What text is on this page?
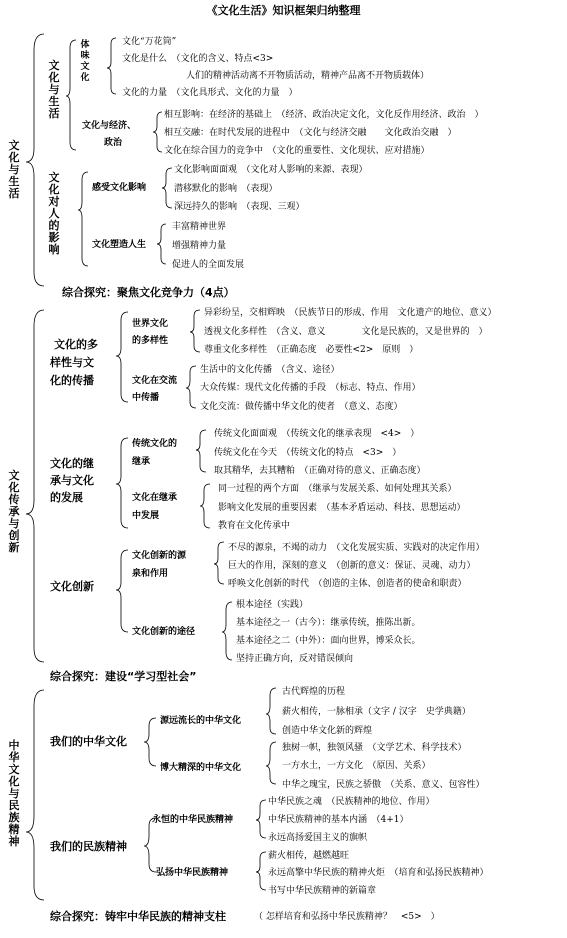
《文化生活》知识框架归纳整理
文化与生活
文化与生活
体味文化
文化“万花筒”
文化是什么　（文化的含义、特点<3>
人们的精神活动离不开物质活动，精神产品离不开物质载体）
文化的力量　（文化具形式、文化的力量　）
文化与经济、
政治
相互影响：在经济的基础上　（经济、政治决定文化，文化反作用经济、政治　）
相互交融：在时代发展的进程中　（文化与经济交融　　文化政治交融　）
文化在综合国力的竞争中　（文化的重要性、文化现状、应对措施）
文化对人的影响
感受文化影响
文化影响面面观　（文化对人影响的来源、表现）
潜移默化的影响　（表现）
深远持久的影响　（表现、三观）
文化塑造人生
丰富精神世界
增强精神力量
促进人的全面发展
综合探究：聚焦文化竞争力（4点）
文化传承与创新
文化的多
样性与文
化的传播
世界文化
的多样性
异彩纷呈，交相辉映　（民族节日的形成、作用　文化遗产的地位、意义）
透视文化多样性　（含义、意义　　　　文化是民族的，又是世界的　）
尊重文化多样性　（正确态度　必要性<2>　原则　）
文化在交流
中传播
生活中的文化传播　（含义、途径）
大众传媒：现代文化传播的手段　（标志、特点、作用）
文化交流：做传播中华文化的使者　（意义、态度）
文化的继
承与文化
的发展
传统文化的
继承
传统文化面面观　（传统文化的继承表现　<4>　）
传统文化在今天　（传统文化的特点　<3>　）
取其精华，去其糟粕　（正确对待的意义、正确态度）
文化在继承
中发展
同一过程的两个方面　（继承与发展关系、如何处理其关系）
影响文化发展的重要因素　（基本矛盾运动、科技、思想运动）
教育在文化传承中
文化创新
文化创新的源
泉和作用
不尽的源泉，不竭的动力　（文化发展实质、实践对的决定作用）
巨大的作用，深刻的意义　（创新的意义：保证、灵魂、动力）
呼唤文化创新的时代　（创造的主体、创造者的使命和职责）
文化创新的途径
根本途径（实践）
基本途径之一（古今）：继承传统，推陈出新。
基本途径之二（中外）：面向世界，博采众长。
坚持正确方向，反对错误倾向
综合探究：建设“学习型社会”
中华文化与民族精神
我们的中华文化
源远流长的中华文化
古代辉煌的历程
薪火相传，一脉相承（文字 / 汉字　史学典籍）
创造中华文化新的辉煌
博大精深的中华文化
独树一帜，独领风骚　（文学艺术、科学技术）
一方水土，一方文化　（原因、关系）
中华之瑰宝，民族之骄傲　（关系、意义、包容性）
我们的民族精神
永恒的中华民族精神
中华民族之魂　（民族精神的地位、作用）
中华民族精神的基本内涵　（4+1）
永远高扬爱国主义的旗帜
弘扬中华民族精神
薪火相传，越燃越旺
永远高擎中华民族的精神火炬　（培育和弘扬民族精神）
书写中华民族精神的新篇章
综合探究：铸牢中华民族的精神支柱	（ 怎样培育和弘扬中华民族精神？　<5>　）
